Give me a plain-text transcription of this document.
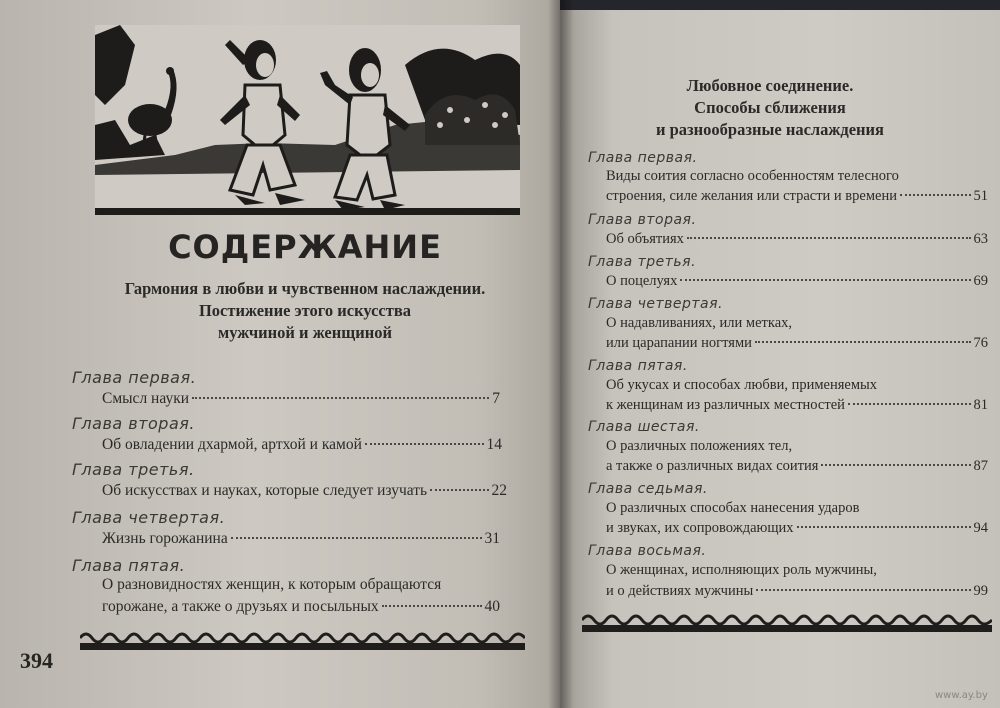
СОДЕРЖАНИЕ
Гармония в любви и чувственном наслаждении.
Постижение этого искусства
мужчиной и женщиной
Глава первая.
Смысл науки	7
Глава вторая.
Об овладении дхармой, артхой и камой	14
Глава третья.
Об искусствах и науках, которые следует изучать	22
Глава четвертая.
Жизнь горожанина	31
Глава пятая.
О разновидностях женщин, к которым обращаются
горожане, а также о друзьях и посыльных	40
394
Любовное соединение.
Способы сближения
и разнообразные наслаждения
Глава первая.
Виды соития согласно особенностям телесного
строения, силе желания или страсти и времени	51
Глава вторая.
Об объятиях	63
Глава третья.
О поцелуях	69
Глава четвертая.
О надавливаниях, или метках,
или царапании ногтями	76
Глава пятая.
Об укусах и способах любви, применяемых
к женщинам из различных местностей	81
Глава шестая.
О различных положениях тел,
а также о различных видах соития	87
Глава седьмая.
О различных способах нанесения ударов
и звуках, их сопровождающих	94
Глава восьмая.
О женщинах, исполняющих роль мужчины,
и о действиях мужчины	99
www.ay.by
